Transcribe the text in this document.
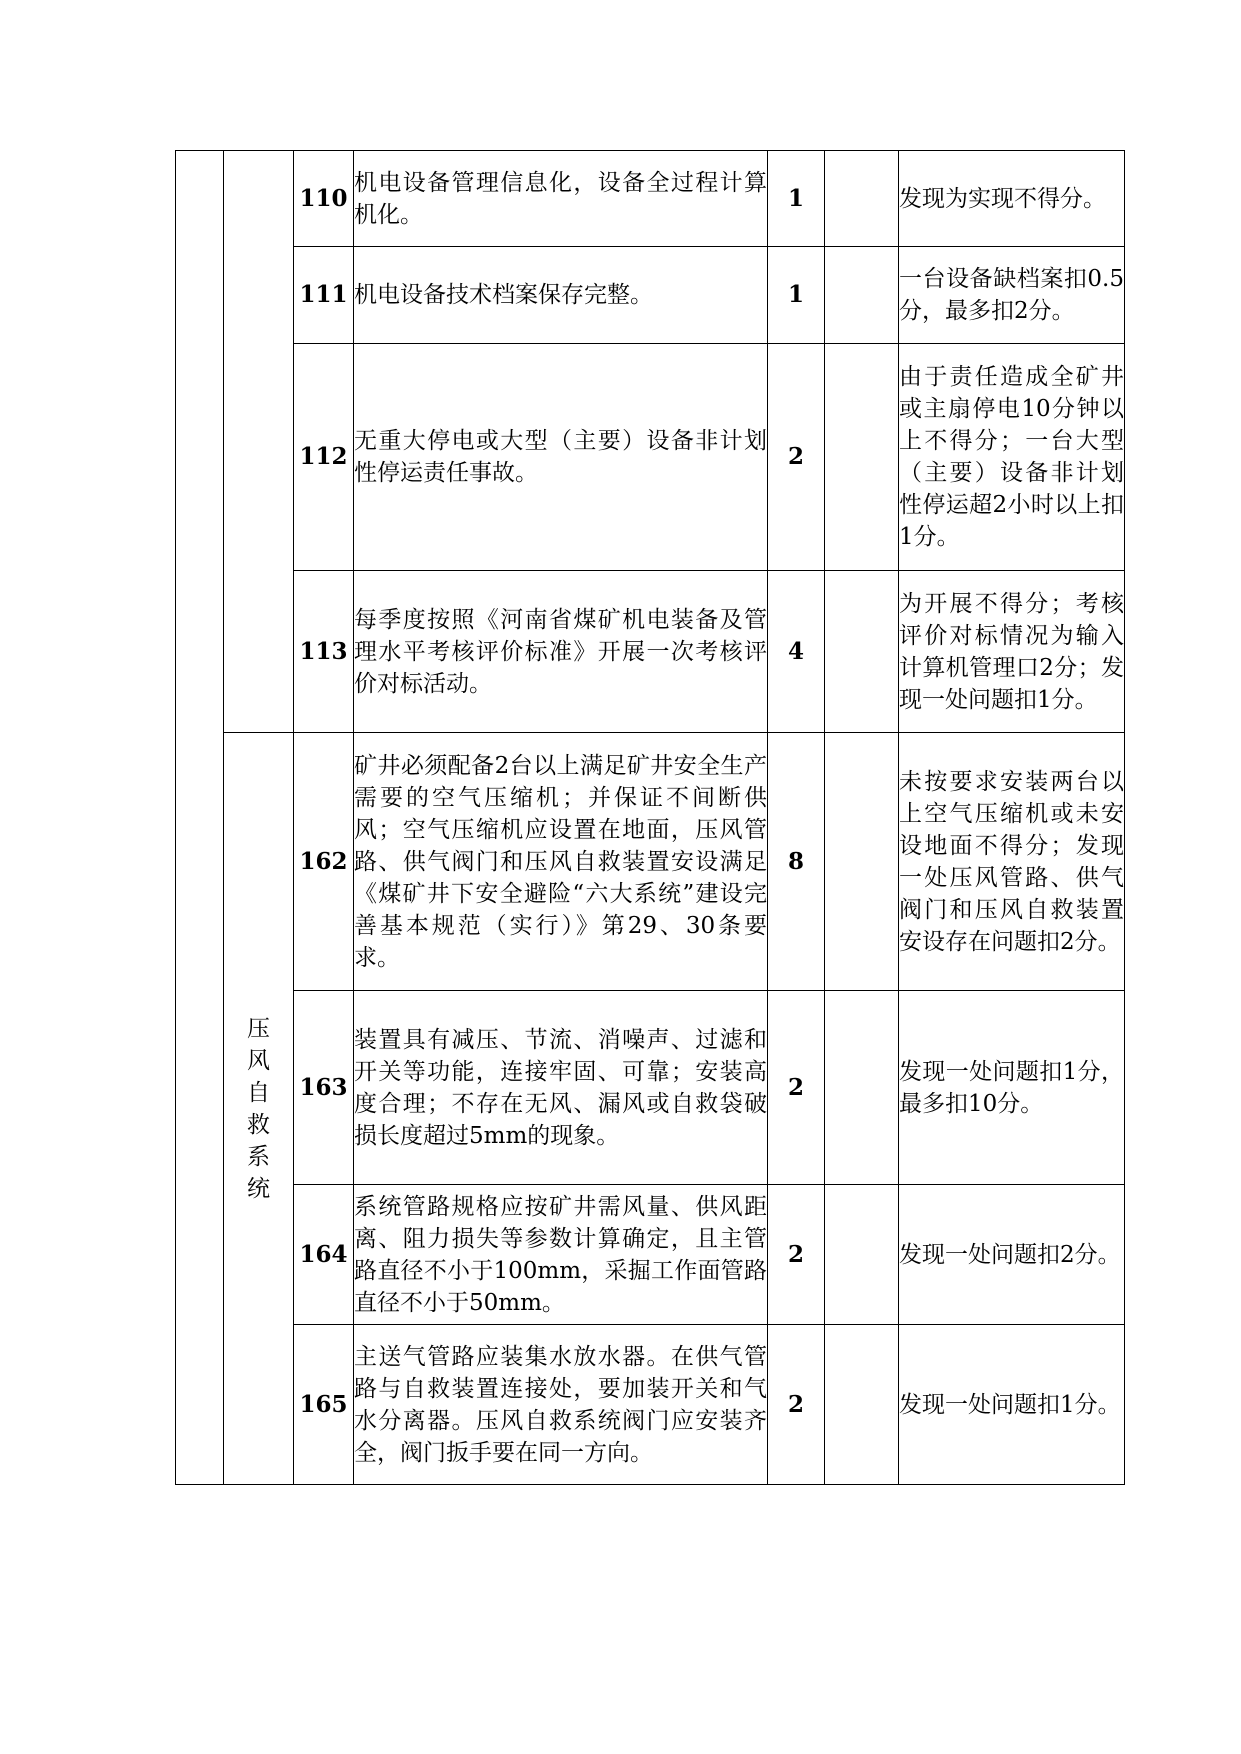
		110	机电设备管理信息化，设备全过程计算机化。	1		发现为实现不得分。
		111	机电设备技术档案保存完整。	1		一台设备缺档案扣0.5分，最多扣2分。
		112	无重大停电或大型（主要）设备非计划性停运责任事故。	2		由于责任造成全矿井或主扇停电10分钟以上不得分；一台大型（主要）设备非计划性停运超2小时以上扣1分。
		113	每季度按照《河南省煤矿机电装备及管理水平考核评价标准》开展一次考核评价对标活动。	4		为开展不得分；考核评价对标情况为输入计算机管理口2分；发现一处问题扣1分。
	压风自救系统	162	矿井必须配备2台以上满足矿井安全生产需要的空气压缩机；并保证不间断供风；空气压缩机应设置在地面，压风管路、供气阀门和压风自救装置安设满足《煤矿井下安全避险“六大系统”建设完善基本规范（实行）》第29、30条要求。	8		未按要求安装两台以上空气压缩机或未安设地面不得分；发现一处压风管路、供气阀门和压风自救装置安设存在问题扣2分。
		163	装置具有减压、节流、消噪声、过滤和开关等功能，连接牢固、可靠；安装高度合理；不存在无风、漏风或自救袋破损长度超过5mm的现象。	2		发现一处问题扣1分，最多扣10分。
		164	系统管路规格应按矿井需风量、供风距离、阻力损失等参数计算确定，且主管路直径不小于100mm，采掘工作面管路直径不小于50mm。	2		发现一处问题扣2分。
		165	主送气管路应装集水放水器。在供气管路与自救装置连接处，要加装开关和气水分离器。压风自救系统阀门应安装齐全，阀门扳手要在同一方向。	2		发现一处问题扣1分。
